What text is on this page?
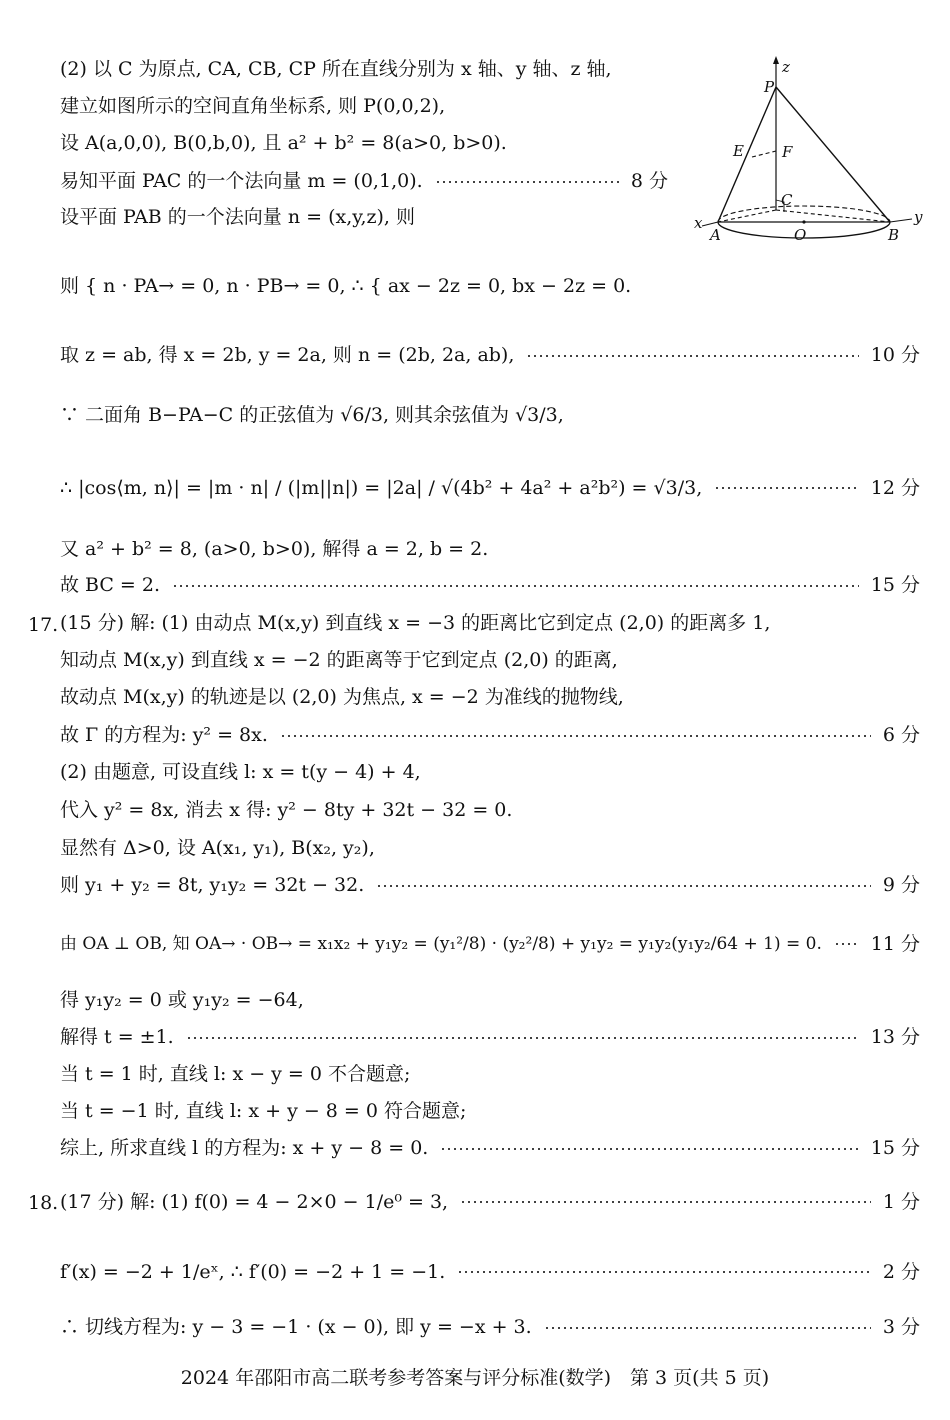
z
P
E	F
C
x
A	O	B
y
(2) 以 C 为原点, CA, CB, CP 所在直线分别为 x 轴、y 轴、z 轴,
建立如图所示的空间直角坐标系, 则 P(0,0,2),
设 A(a,0,0), B(0,b,0), 且 a² + b² = 8(a>0, b>0).
易知平面 PAC 的一个法向量 m = (0,1,0).	8 分
设平面 PAB 的一个法向量 n = (x,y,z), 则
则 { n · PA→ = 0, n · PB→ = 0, ∴ { ax − 2z = 0, bx − 2z = 0.
取 z = ab, 得 x = 2b, y = 2a, 则 n = (2b, 2a, ab),	10 分
∵ 二面角 B−PA−C 的正弦值为 √6/3, 则其余弦值为 √3/3,
∴ |cos⟨m, n⟩| = |m · n| / (|m||n|) = |2a| / √(4b² + 4a² + a²b²) = √3/3,	12 分
又 a² + b² = 8, (a>0, b>0), 解得 a = 2, b = 2.
故 BC = 2.	15 分
17. (15 分) 解: (1) 由动点 M(x,y) 到直线 x = −3 的距离比它到定点 (2,0) 的距离多 1,
知动点 M(x,y) 到直线 x = −2 的距离等于它到定点 (2,0) 的距离,
故动点 M(x,y) 的轨迹是以 (2,0) 为焦点, x = −2 为准线的抛物线,
故 Γ 的方程为: y² = 8x.	6 分
(2) 由题意, 可设直线 l: x = t(y − 4) + 4,
代入 y² = 8x, 消去 x 得: y² − 8ty + 32t − 32 = 0.
显然有 Δ>0, 设 A(x₁, y₁), B(x₂, y₂),
则 y₁ + y₂ = 8t, y₁y₂ = 32t − 32.	9 分
由 OA ⊥ OB, 知 OA→ · OB→ = x₁x₂ + y₁y₂ = (y₁²/8) · (y₂²/8) + y₁y₂ = y₁y₂(y₁y₂/64 + 1) = 0.	11 分
得 y₁y₂ = 0 或 y₁y₂ = −64,
解得 t = ±1.	13 分
当 t = 1 时, 直线 l: x − y = 0 不合题意;
当 t = −1 时, 直线 l: x + y − 8 = 0 符合题意;
综上, 所求直线 l 的方程为: x + y − 8 = 0.	15 分
18. (17 分) 解: (1) f(0) = 4 − 2×0 − 1/e⁰ = 3,	1 分
f′(x) = −2 + 1/eˣ, ∴ f′(0) = −2 + 1 = −1.	2 分
∴ 切线方程为: y − 3 = −1 · (x − 0), 即 y = −x + 3.	3 分
2024 年邵阳市高二联考参考答案与评分标准(数学)　第 3 页(共 5 页)
